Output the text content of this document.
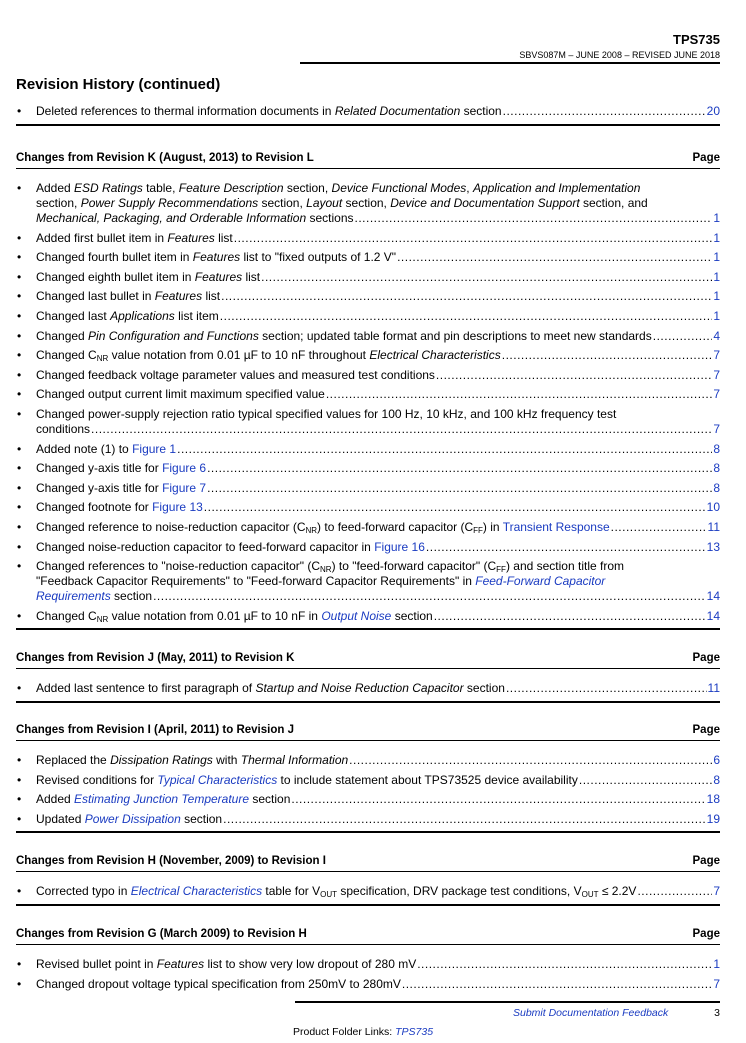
TPS735
SBVS087M – JUNE 2008 – REVISED JUNE 2018
Revision History (continued)
• Deleted references to thermal information documents in Related Documentation section .....	20
Changes from Revision K (August, 2013) to Revision L	Page
• Added ESD Ratings table, Feature Description section, Device Functional Modes, Application and Implementation
section, Power Supply Recommendations section, Layout section, Device and Documentation Support section, and
Mechanical, Packaging, and Orderable Information sections .....	1
• Added first bullet item in Features list .....	1
• Changed fourth bullet item in Features list to "fixed outputs of 1.2 V" .....	1
• Changed eighth bullet item in Features list .....	1
• Changed last bullet in Features list .....	1
• Changed last Applications list item .....	1
• Changed Pin Configuration and Functions section; updated table format and pin descriptions to meet new standards .....	4
• Changed $C_{NR}$ value notation from 0.01 µF to 10 nF throughout Electrical Characteristics .....	7
• Changed feedback voltage parameter values and measured test conditions .....	7
• Changed output current limit maximum specified value .....	7
• Changed power-supply rejection ratio typical specified values for 100 Hz, 10 kHz, and 100 kHz frequency test
conditions .....	7
• Added note (1) to Figure 1 .....	8
• Changed y-axis title for Figure 6 .....	8
• Changed y-axis title for Figure 7 .....	8
• Changed footnote for Figure 13 .....	10
• Changed reference to noise-reduction capacitor $(C_{NR})$ to feed-forward capacitor $(C_{FF})$ in Transient Response .....	11
• Changed noise-reduction capacitor to feed-forward capacitor in Figure 16 .....	13
• Changed references to "noise-reduction capacitor" $(C_{NR})$ to "feed-forward capacitor" $(C_{FF})$ and section title from
"Feedback Capacitor Requirements" to "Feed-forward Capacitor Requirements" in Feed-Forward Capacitor
Requirements section .....	14
• Changed $C_{NR}$ value notation from 0.01 µF to 10 nF in Output Noise section .....	14
Changes from Revision J (May, 2011) to Revision K	Page
• Added last sentence to first paragraph of Startup and Noise Reduction Capacitor section .....	11
Changes from Revision I (April, 2011) to Revision J	Page
• Replaced the Dissipation Ratings with Thermal Information .....	6
• Revised conditions for Typical Characteristics to include statement about TPS73525 device availability .....	8
• Added Estimating Junction Temperature section .....	18
• Updated Power Dissipation section .....	19
Changes from Revision H (November, 2009) to Revision I	Page
• Corrected typo in Electrical Characteristics table for $V_{OUT}$ specification, DRV package test conditions, $V_{OUT} \le 2.2V$ .....	7
Changes from Revision G (March 2009) to Revision H	Page
• Revised bullet point in Features list to show very low dropout of 280 mV .....	1
• Changed dropout voltage typical specification from 250mV to 280mV .....	7
Submit Documentation Feedback	3
Product Folder Links: TPS735
